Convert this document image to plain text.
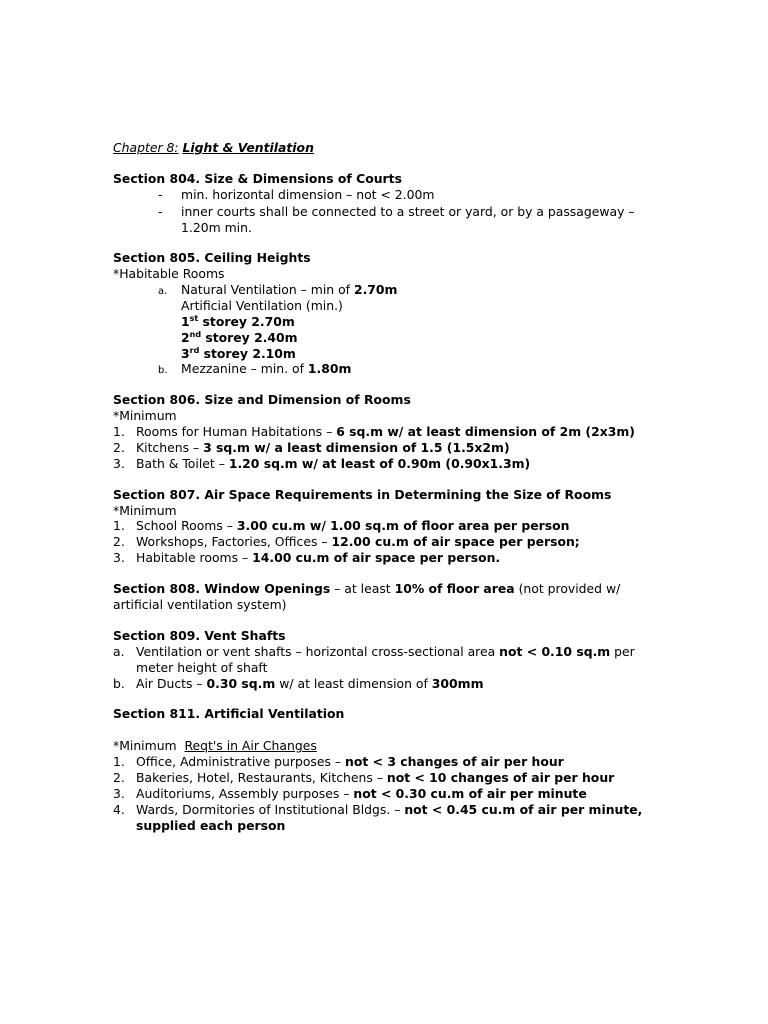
Chapter 8: Light & Ventilation
Section 804. Size & Dimensions of Courts
- min. horizontal dimension – not < 2.00m
- inner courts shall be connected to a street or yard, or by a passageway –
1.20m min.
Section 805. Ceiling Heights
*Habitable Rooms
a. Natural Ventilation – min of 2.70m
Artificial Ventilation (min.)
1st storey 2.70m
2nd storey 2.40m
3rd storey 2.10m
b. Mezzanine – min. of 1.80m
Section 806. Size and Dimension of Rooms
*Minimum
1. Rooms for Human Habitations – 6 sq.m w/ at least dimension of 2m (2x3m)
2. Kitchens – 3 sq.m w/ a least dimension of 1.5 (1.5x2m)
3. Bath & Toilet – 1.20 sq.m w/ at least of 0.90m (0.90x1.3m)
Section 807. Air Space Requirements in Determining the Size of Rooms
*Minimum
1. School Rooms – 3.00 cu.m w/ 1.00 sq.m of floor area per person
2. Workshops, Factories, Offices – 12.00 cu.m of air space per person;
3. Habitable rooms – 14.00 cu.m of air space per person.
Section 808. Window Openings – at least 10% of floor area (not provided w/
artificial ventilation system)
Section 809. Vent Shafts
a. Ventilation or vent shafts – horizontal cross-sectional area not < 0.10 sq.m per
meter height of shaft
b. Air Ducts – 0.30 sq.m w/ at least dimension of 300mm
Section 811. Artificial Ventilation
*Minimum  Reqt's in Air Changes
1. Office, Administrative purposes – not < 3 changes of air per hour
2. Bakeries, Hotel, Restaurants, Kitchens – not < 10 changes of air per hour
3. Auditoriums, Assembly purposes – not < 0.30 cu.m of air per minute
4. Wards, Dormitories of Institutional Bldgs. – not < 0.45 cu.m of air per minute,
supplied each person
